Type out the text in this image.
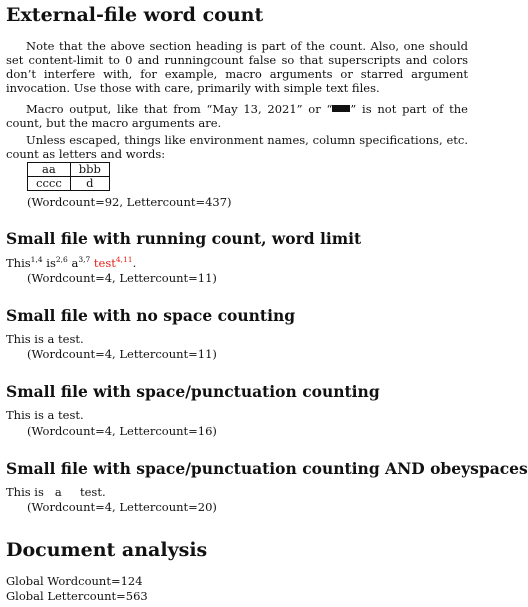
External-file word count
Note that the above section heading is part of the count. Also, one should set content-limit to 0 and runningcount false so that superscripts and colors don’t interfere with, for example, macro arguments or starred argument invocation. Use those with care, primarily with simple text files.
Macro output, like that from “May 13, 2021” or “ ” is not part of the count, but the macro arguments are.
Unless escaped, things like environment names, column specifications, etc. count as letters and words:
aa	bbb
cccc	d
(Wordcount=92, Lettercount=437)
Small file with running count, word limit
This$^{1,4}$ is$^{2,6}$ $a^{3,7}$ test$^{4,11}$.
(Wordcount=4, Lettercount=11)
Small file with no space counting
This is a test.
(Wordcount=4, Lettercount=11)
Small file with space/punctuation counting
This is a test.
(Wordcount=4, Lettercount=16)
Small file with space/punctuation counting AND obeyspaces
This is   a     test.
(Wordcount=4, Lettercount=20)
Document analysis
Global Wordcount=124
Global Lettercount=563
